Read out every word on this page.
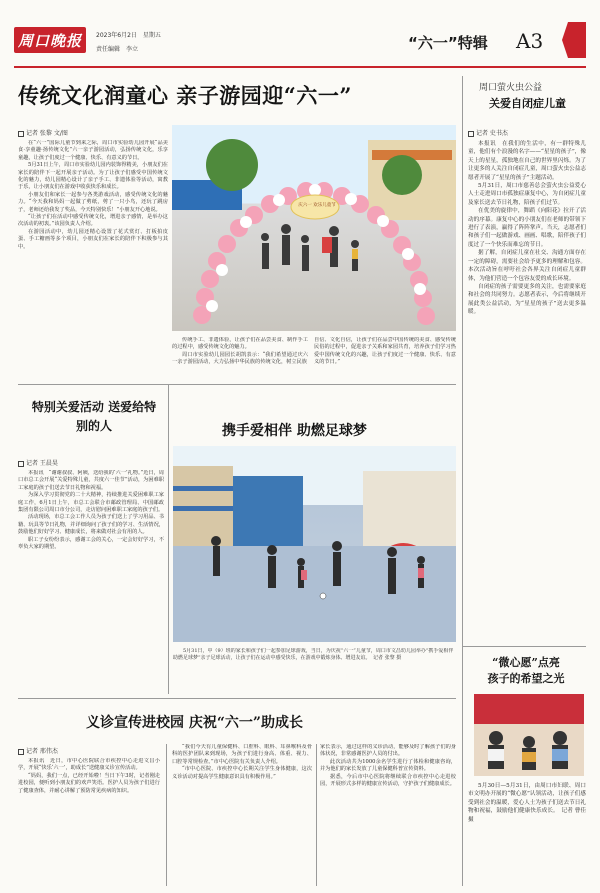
周口晚报 2023年6月2日　星期五
责任编辑　李立	“六一”特辑 A3
传统文化润童心 亲子游园迎“六一”
记者 张黎 文/图

在“六一”国际儿童节到来之际，周口市实验幼儿园开展“品美食·享童趣·扬传统文化”六一亲子游园活动，弘扬传统文化，乐享童趣，让孩子们度过一个健康、快乐、有意义的节日。

5月31日上午，周口市实验幼儿园内装饰得精美，小朋友们在家长的陪伴下一起开展亲子活动。为了让孩子们感受中国传统文化的魅力，幼儿园精心设计了亲子手工、非遗体验等活动，寓教于乐，让小朋友们在游戏中收获快乐和成长。

小朋友们和家长一起参与各类游戏活动，感受传统文化的魅力。“今天我和妈妈一起做了剪纸，剪了一只小鸟，还玩了跳房子，老师还给我发了奖品，今天特别快乐！”小朋友开心地说。

“让孩子们在活动中感受传统文化，增进亲子感情，是举办这次活动的初衷。”该园负责人介绍。

在游园活动中，幼儿园还精心设置了花式赏灯、打板拍皮蛋、手工糖画等多个项目，小朋友们在家长的陪伴下积极参与其中。

庆六一 欢乐儿童节

传统手工、非遗体验，让孩子们在品尝美食、制作手工的过程中，感受传统文化的魅力。

周口市实验幼儿园园长胡凯表示：“我们希望通过庆六一亲子游园活动，大力弘扬中华民族的传统文化，树立民族

自信、文化自信，让孩子们在品尝中国传统的美食、感受传统民俗的过程中，促进亲子关系和家园共育，培养孩子们学习热爱中国传统文化的兴趣，让孩子们度过一个健康、快乐、有意义的节日。”

周口萤火虫公益
关爱自闭症儿童
记者 史书杰

本报讯　在我们的生活中，有一群特殊儿童，他们有个浪漫的名字——“星星的孩子”，像天上的星星，孤独地在自己的世界里闪烁。为了让更多的人关注自闭症儿童，周口萤火虫公益志愿者开展了“星星的孩子”主题活动。

5月31日，周口市慈善总会萤火虫公益爱心人士走进周口市孤独症康复中心，为自闭症儿童及家长送去节日礼物，陪孩子们过节。

在优美的旋律中，舞蹈《向阳花》拉开了活动的序幕。康复中心的小朋友们在老师的带领下进行了表演，赢得了阵阵掌声。当天，志愿者们和孩子们一起做游戏、画画、唱歌，陪伴孩子们度过了一个快乐而难忘的节日。

据了解，自闭症儿童在社交、沟通方面存在一定的障碍，需要社会给予更多的理解和包容。本次活动旨在呼吁社会各界关注自闭症儿童群体，为他们营造一个包容友爱的成长环境。

自闭症的孩子需要更多的关注，也需要家庭和社会的共同努力。志愿者表示，今后将继续开展此类公益活动，为“星星的孩子”送去更多温暖。

特别关爱活动 送爱给特别的人
记者 王晨昊

本报讯　“谢谢叔叔、阿姨，送给我的‘六一’礼物。”近日，周口市总工会开展“关爱特殊儿童，共度六一佳节”活动，为困难职工家庭的孩子们送去节日礼物和祝福。

为深入学习贯彻党的二十大精神，持续推进关爱困难职工家庭工作，6月1日上午，市总工会联合市邮政管理局、中国邮政集团有限公司周口市分公司，走访慰问困难职工家庭的孩子们。

活动现场，市总工会工作人员为孩子们送上了学习用品、书籍、玩具等节日礼物，并详细询问了孩子们的学习、生活情况，鼓励他们好好学习、健康成长，将来做对社会有用的人。

职工子女纷纷表示，感谢工会的关心，一定会好好学习，不辜负大家的期望。

携手爱相伴 助燃足球梦
5月31日，中（9）班的家长和孩子们一起参加足球游戏，当日，为庆祝“六一”儿童节，周口市文昌幼儿园举办“携手爱相伴 助燃足球梦”亲子足球活动，让孩子们在运动中感受快乐，在游戏中锻炼身体、增进友谊。　记者 张黎 摄	“微心愿”点亮
孩子的希望之光

5月30日—5月31日，由周口市妇联、周口市文明办开展的“微心愿”认领活动，让孩子们感受到社会的温暖，爱心人士为孩子们送去节日礼物和祝福，鼓励他们健康快乐成长。　记者 曹佳 摄

义诊宣传进校园 庆祝“六一”助成长
记者 邢伟杰

本报讯　近日，市中心医院联合市疾控中心走进文昌小学，开展“快乐‘六一’，助成长”送健康义诊宣传活动。

“妈妈，我们一点，已经开始啦！当日下午3时，记者刚走进校园，便听到小朋友们的欢声笑语。医护人员为孩子们进行了健康查体，并耐心讲解了预防常见疾病的知识。

“我们今天有儿童保健科、口腔科、眼科、耳鼻喉科及骨科的医护团队来到现场，为孩子们进行身高、体重、视力、口腔等常规检查。”市中心医院有关负责人介绍。

“市中心医院、市疾控中心长期关注学生身体健康，这次义诊活动对提高学生健康意识具有积极作用。”

家长表示，通过这样的义诊活动，能够及时了解孩子们的身体状况，非常感谢医护人员的付出。

此次活动共为1000余名学生进行了体检和健康咨询，并为他们的家长发放了儿童保健科普宣传资料。

据悉，今后市中心医院将继续联合市疾控中心走进校园，开展形式多样的健康宣传活动，守护孩子们健康成长。
